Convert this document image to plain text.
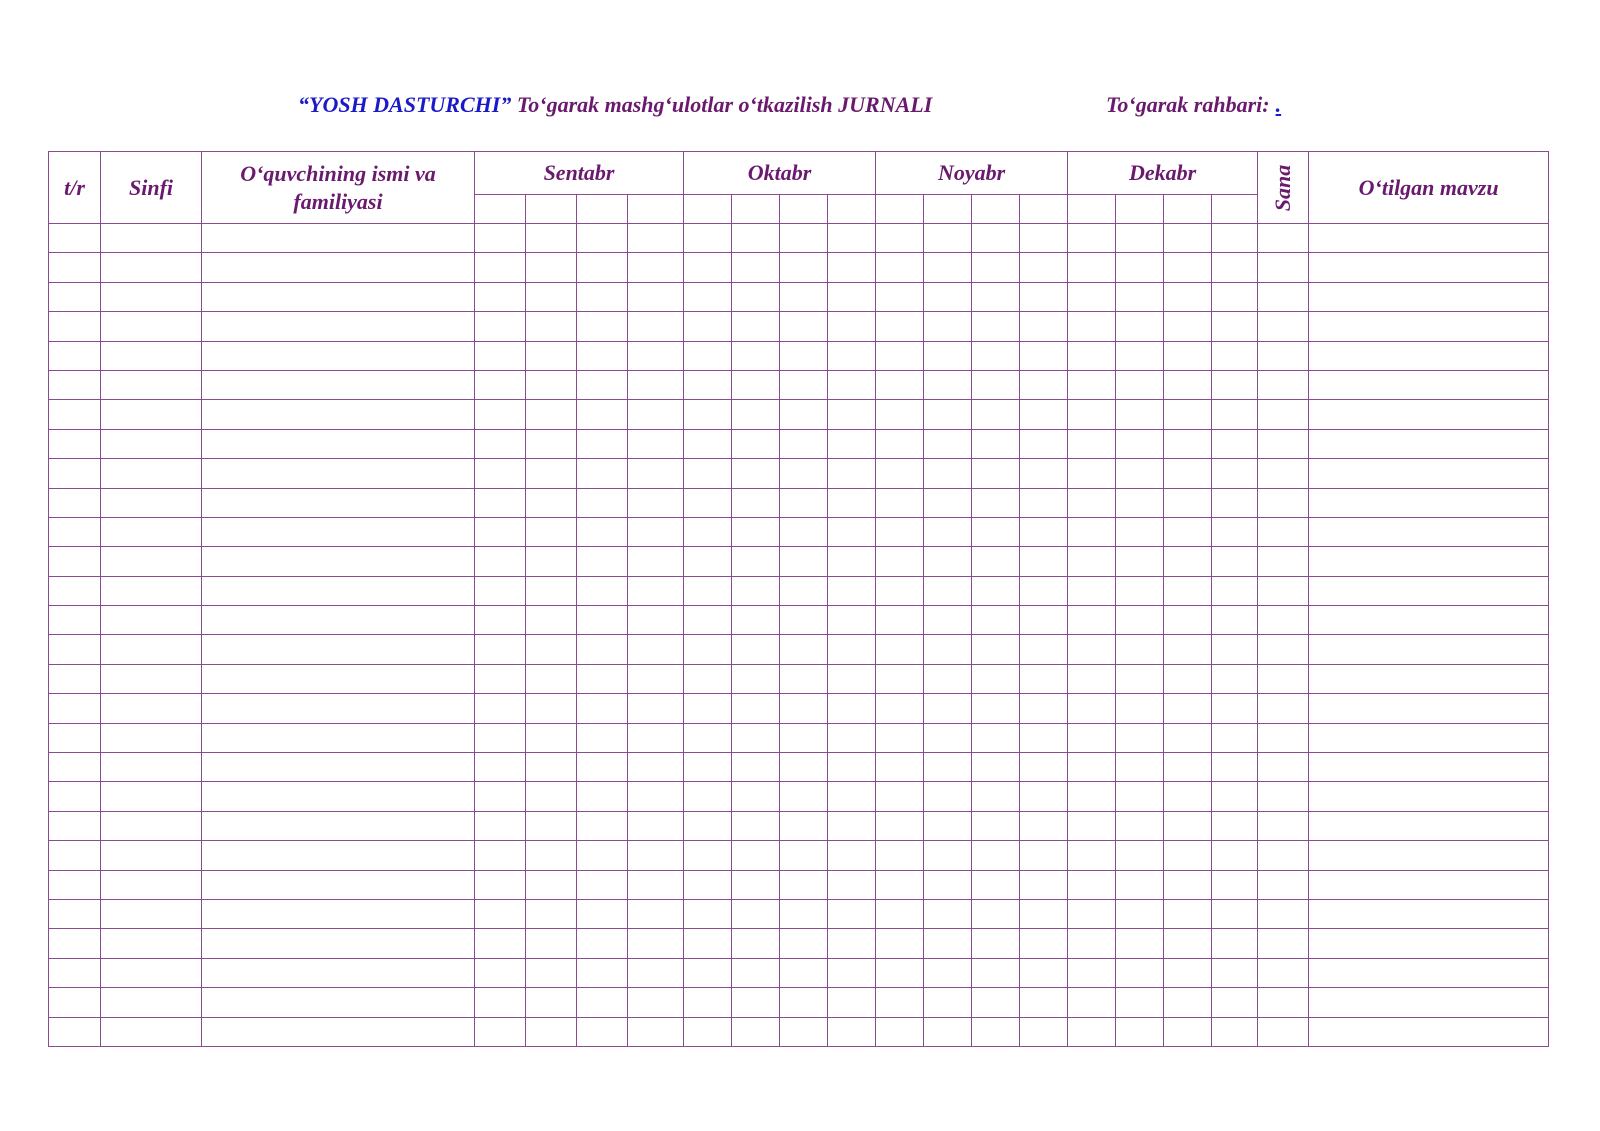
“YOSH DASTURCHI” To‘garak mashg‘ulotlar o‘tkazilish JURNALI	To‘garak rahbari: .
t/r	Sinfi	O‘quvchining ismi va familiyasi	Sentabr				Oktabr				Noyabr				Dekabr				Sana	O‘tilgan mavzu
